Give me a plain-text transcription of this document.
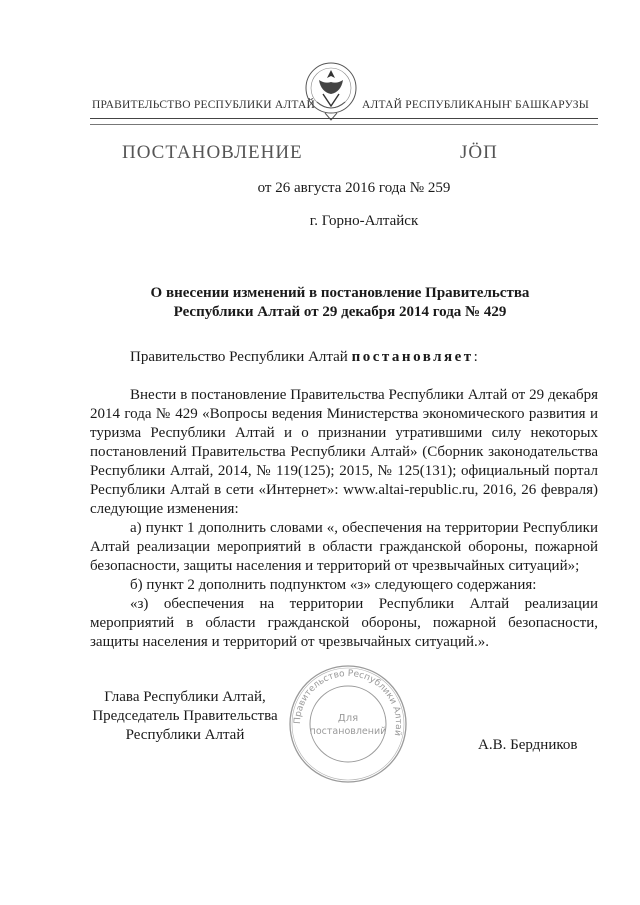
ПРАВИТЕЛЬСТВО РЕСПУБЛИКИ АЛТАЙ	АЛТАЙ РЕСПУБЛИКАНЫҤ БАШКАРУЗЫ
ПОСТАНОВЛЕНИЕ	JӦП
от 26 августа 2016 года № 259
г. Горно-Алтайск
О внесении изменений в постановление Правительства
Республики Алтай от 29 декабря 2014 года № 429

Правительство Республики Алтай постановляет:

Внести в постановление Правительства Республики Алтай от 29 декабря 2014 года № 429 «Вопросы ведения Министерства экономического развития и туризма Республики Алтай и о признании утратившими силу некоторых постановлений Правительства Республики Алтай» (Сборник законодательства Республики Алтай, 2014, № 119(125); 2015, № 125(131); официальный портал Республики Алтай в сети «Интернет»: www.altai-republic.ru, 2016, 26 февраля) следующие изменения:

а) пункт 1 дополнить словами «, обеспечения на территории Республики Алтай реализации мероприятий в области гражданской обороны, пожарной безопасности, защиты населения и территорий от чрезвычайных ситуаций»;

б) пункт 2 дополнить подпунктом «з» следующего содержания:

«з) обеспечения на территории Республики Алтай реализации мероприятий в области гражданской обороны, пожарной безопасности, защиты населения и территорий от чрезвычайных ситуаций.».

Правительство Республики Алтай
Для
постановлений
Глава Республики Алтай,
Председатель Правительства
Республики Алтай
А.В. Бердников
